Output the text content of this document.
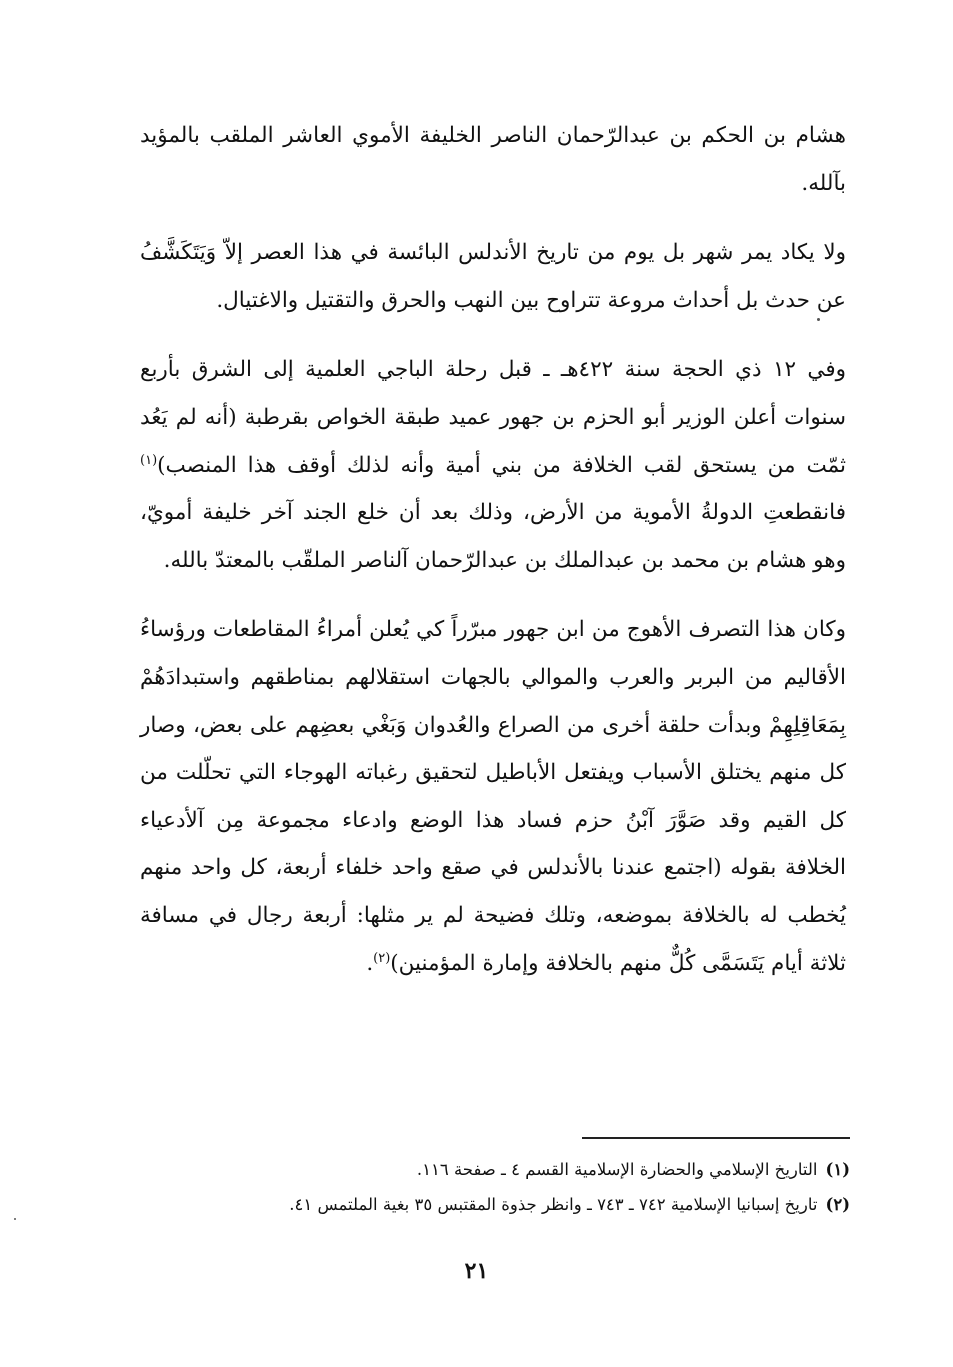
هشام بن الحكم بن عبدالرّحمان الناصر الخليفة الأموي العاشر الملقب بالمؤيد بآلله.

ولا يكاد يمر شهر بل يوم من تاريخ الأندلس البائسة في هذا العصر إلاّ وَيَتَكَشَّفُ عن حدث بل أحداث مروعة تتراوح بين النهب والحرق والتقتيل والاغتيال.

وفي ١٢ ذي الحجة سنة ٤٢٢هـ ـ قبل رحلة الباجي العلمية إلى الشرق بأربع سنوات أعلن الوزير أبو الحزم بن جهور عميد طبقة الخواص بقرطبة (أنه لم يَعُد ثمّت من يستحق لقب الخلافة من بني أمية وأنه لذلك أوقف هذا المنصب)$^{(١)}$ فانقطعتِ الدولةُ الأموية من الأرض، وذلك بعد أن خلع الجند آخر خليفة أمويّ، وهو هشام بن محمد بن عبدالملك بن عبدالرّحمان آلناصر الملقّب بالمعتدّ بالله.

وكان هذا التصرف الأهوج من ابن جهور مبرّراً كي يُعلن أمراءُ المقاطعات ورؤساءُ الأقاليم من البربر والعرب والموالي بالجهات استقلالهم بمناطقهم واستبدادَهُمْ بِمَعَاقِلِهِمْ وبدأت حلقة أخرى من الصراع والعُدوان وَبَغْي بعضِهم على بعض، وصار كل منهم يختلق الأسباب ويفتعل الأباطيل لتحقيق رغباته الهوجاء التي تحلّلت من كل القيم وقد صَوَّرَ آبْنُ حزم فساد هذا الوضع وادعاء مجموعة مِن آلأدعياء الخلافة بقوله (اجتمع عندنا بالأندلس في صقع واحد خلفاء أربعة، كل واحد منهم يُخطب له بالخلافة بموضعه، وتلك فضيحة لم ير مثلها: أربعة رجال في مسافة ثلاثة أيام يَتَسَمَّى كُلٌّ منهم بالخلافة وإمارة المؤمنين)$^{(٢)}$.

(١)التاريخ الإسلامي والحضارة الإسلامية القسم ٤ ـ صفحة ١١٦.
(٢)تاريخ إسبانيا الإسلامية ٧٤٢ ـ ٧٤٣ ـ وانظر جذوة المقتبس ٣٥ بغية الملتمس ٤١.
٢١
